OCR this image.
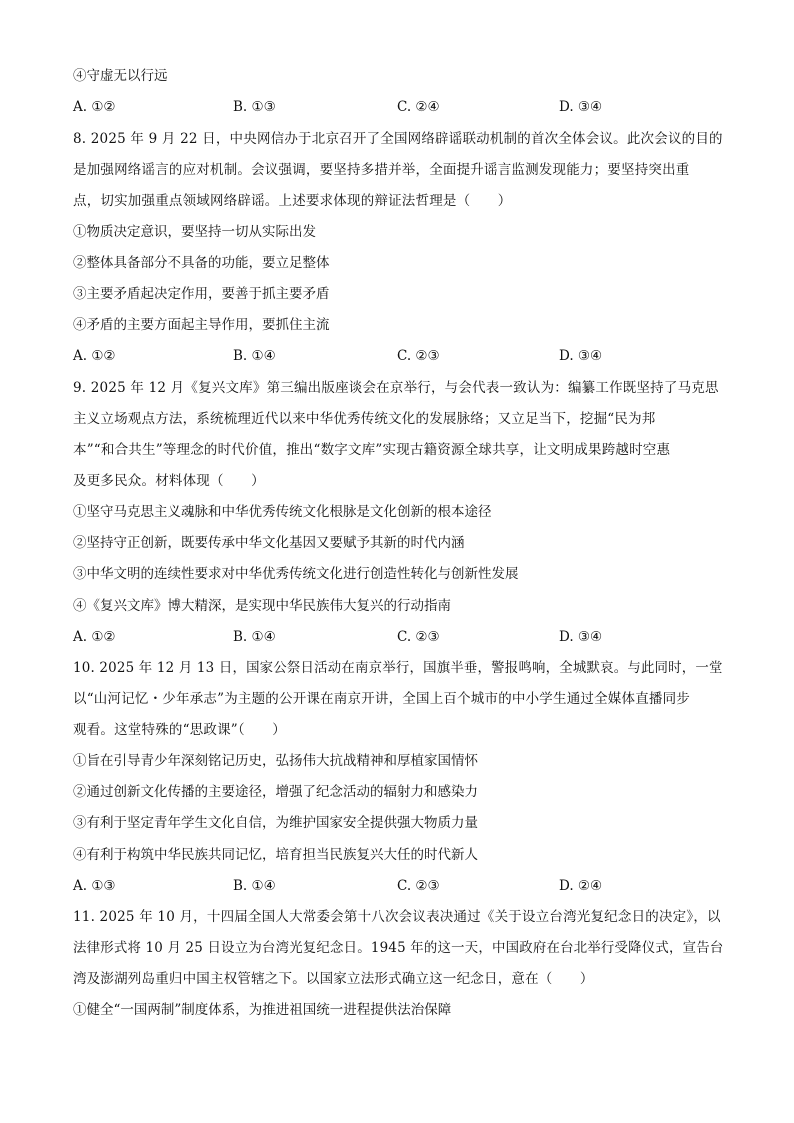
④守虚无以行远
A. ①②	B. ①③	C. ②④	D. ③④
8. 2025 年 9 月 22 日，中央网信办于北京召开了全国网络辟谣联动机制的首次全体会议。此次会议的目的
是加强网络谣言的应对机制。会议强调，要坚持多措并举，全面提升谣言监测发现能力；要坚持突出重
点，切实加强重点领域网络辟谣。上述要求体现的辩证法哲理是（　　）
①物质决定意识，要坚持一切从实际出发
②整体具备部分不具备的功能，要立足整体
③主要矛盾起决定作用，要善于抓主要矛盾
④矛盾的主要方面起主导作用，要抓住主流
A. ①②	B. ①④	C. ②③	D. ③④
9. 2025 年 12 月《复兴文库》第三编出版座谈会在京举行，与会代表一致认为：编纂工作既坚持了马克思
主义立场观点方法，系统梳理近代以来中华优秀传统文化的发展脉络；又立足当下，挖掘“民为邦
本”“和合共生”等理念的时代价值，推出“数字文库”实现古籍资源全球共享，让文明成果跨越时空惠
及更多民众。材料体现（　　）
①坚守马克思主义魂脉和中华优秀传统文化根脉是文化创新的根本途径
②坚持守正创新，既要传承中华文化基因又要赋予其新的时代内涵
③中华文明的连续性要求对中华优秀传统文化进行创造性转化与创新性发展
④《复兴文库》博大精深，是实现中华民族伟大复兴的行动指南
A. ①②	B. ①④	C. ②③	D. ③④
10. 2025 年 12 月 13 日，国家公祭日活动在南京举行，国旗半垂，警报鸣响，全城默哀。与此同时，一堂
以“山河记忆・少年承志”为主题的公开课在南京开讲，全国上百个城市的中小学生通过全媒体直播同步
观看。这堂特殊的“思政课”（　　）
①旨在引导青少年深刻铭记历史，弘扬伟大抗战精神和厚植家国情怀
②通过创新文化传播的主要途径，增强了纪念活动的辐射力和感染力
③有利于坚定青年学生文化自信，为维护国家安全提供强大物质力量
④有利于构筑中华民族共同记忆，培育担当民族复兴大任的时代新人
A. ①③	B. ①④	C. ②③	D. ②④
11. 2025 年 10 月，十四届全国人大常委会第十八次会议表决通过《关于设立台湾光复纪念日的决定》，以
法律形式将 10 月 25 日设立为台湾光复纪念日。1945 年的这一天，中国政府在台北举行受降仪式，宣告台
湾及澎湖列岛重归中国主权管辖之下。以国家立法形式确立这一纪念日，意在（　　）
①健全“一国两制”制度体系，为推进祖国统一进程提供法治保障
